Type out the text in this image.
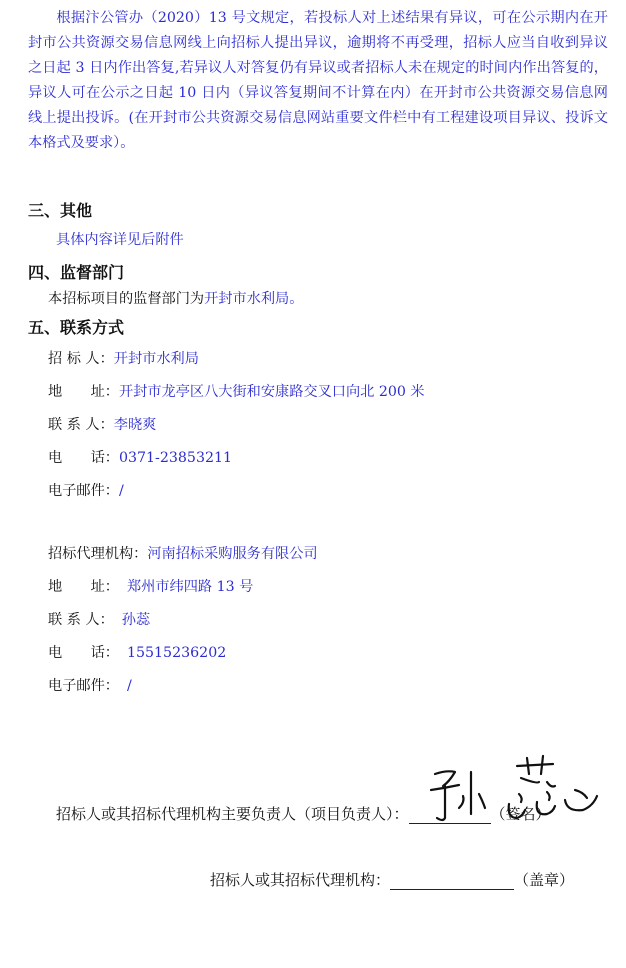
根据汴公管办（2020）13 号文规定，若投标人对上述结果有异议，可在公示期内在开封市公共资源交易信息网线上向招标人提出异议，逾期将不再受理，招标人应当自收到异议之日起 3 日内作出答复,若异议人对答复仍有异议或者招标人未在规定的时间内作出答复的，异议人可在公示之日起 10 日内（异议答复期间不计算在内）在开封市公共资源交易信息网线上提出投诉。(在开封市公共资源交易信息网站重要文件栏中有工程建设项目异议、投诉文本格式及要求）。
三、其他
具体内容详见后附件
四、监督部门
本招标项目的监督部门为开封市水利局。
五、联系方式
招 标 人：开封市水利局
地　　址：开封市龙亭区八大街和安康路交叉口向北 200 米
联 系 人：李晓爽
电　　话：0371-23853211
电子邮件：/
招标代理机构：河南招标采购服务有限公司
地　　址： 郑州市纬四路 13 号
联 系 人： 孙蕊
电　　话： 15515236202
电子邮件： /
招标人或其招标代理机构主要负责人（项目负责人）：	（签名）
招标人或其招标代理机构：	（盖章）
